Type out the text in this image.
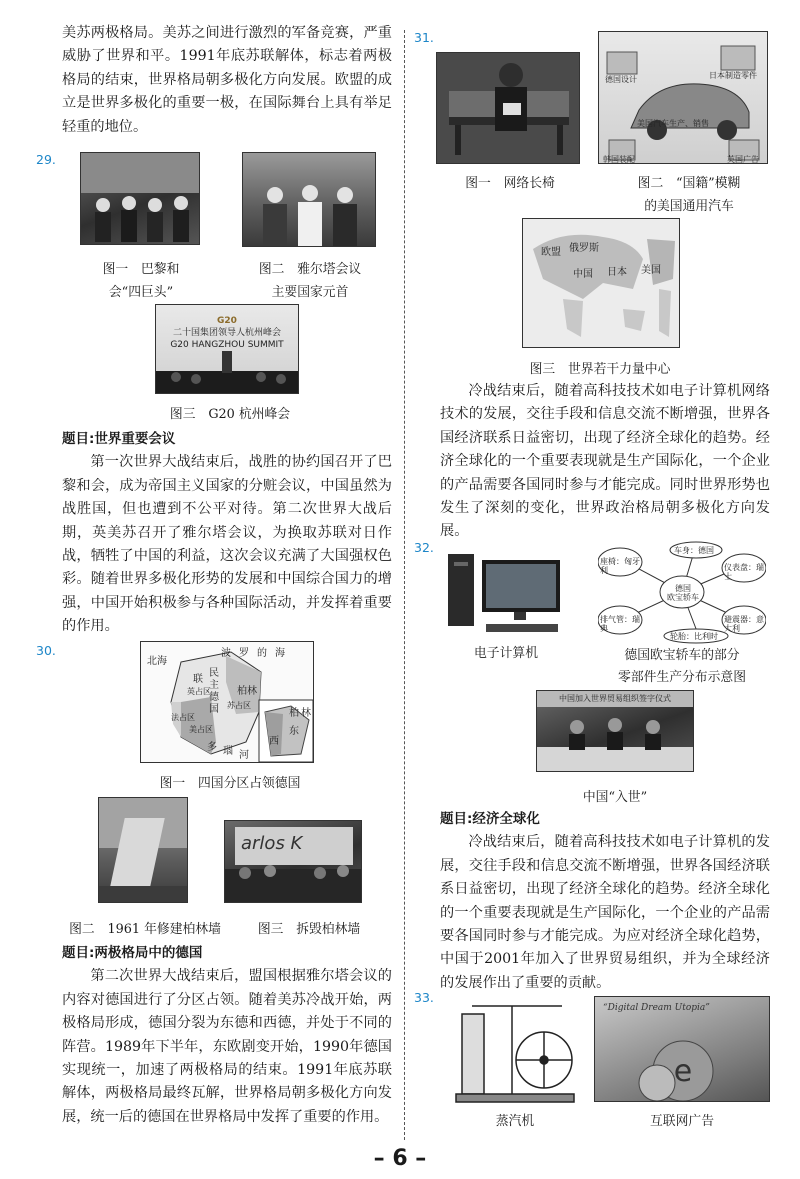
美苏两极格局。美苏之间进行激烈的军备竞赛，严重威胁了世界和平。1991年底苏联解体，标志着两极格局的结束，世界格局朝多极化方向发展。欧盟的成立是世界多极化的重要一极，在国际舞台上具有举足轻重的地位。

29.
图一　巴黎和
会“四巨头”
图二　雅尔塔会议
主要国家元首
G20
二十国集团领导人杭州峰会
G20 HANGZHOU SUMMIT
图三　G20 杭州峰会
题目:世界重要会议

第一次世界大战结束后，战胜的协约国召开了巴黎和会，成为帝国主义国家的分赃会议，中国虽然为战胜国，但也遭到不公平对待。第二次世界大战后期，英美苏召开了雅尔塔会议，为换取苏联对日作战，牺牲了中国的利益，这次会议充满了大国强权色彩。随着世界多极化形势的发展和中国综合国力的增强，中国开始积极参与各种国际活动，并发挥着重要的作用。

30.
北海
波 罗 的 海
联
民
主
柏林
德
国
英占区
苏占区
法占区
美占区
多 瑙 河
东
柏 林
西
图一　四国分区占领德国
arlos K
图二　1961 年修建柏林墙	图三　拆毁柏林墙
题目:两极格局中的德国

第二次世界大战结束后，盟国根据雅尔塔会议的内容对德国进行了分区占领。随着美苏冷战开始，两极格局形成，德国分裂为东德和西德，并处于不同的阵营。1989年下半年，东欧剧变开始，1990年德国实现统一，加速了两极格局的结束。1991年底苏联解体，两极格局最终瓦解，世界格局朝多极化方向发展，统一后的德国在世界格局中发挥了重要的作用。

31.
图一　网络长椅
德国设计	日本制造零件
美国汽车生产、销售
韩国装配	英国广告
图二　“国籍”模糊
的美国通用汽车
欧盟 俄罗斯
中国 日本 美国
图三　世界若干力量中心

冷战结束后，随着高科技技术如电子计算机网络技术的发展，交往手段和信息交流不断增强，世界各国经济联系日益密切，出现了经济全球化的趋势。经济全球化的一个重要表现就是生产国际化，一个企业的产品需要各国同时参与才能完成。同时世界形势也发生了深刻的变化，世界政治格局朝多极化方向发展。

32.
电子计算机
德国
欧宝轿车
车身：德国
座椅：匈牙利	仪表盘：瑞士
排气管：瑞典
避震器：意大利
轮胎：比利时
德国欧宝轿车的部分
零部件生产分布示意图
中国加入世界贸易组织签字仪式
中国“入世”
题目:经济全球化

冷战结束后，随着高科技技术如电子计算机的发展，交往手段和信息交流不断增强，世界各国经济联系日益密切，出现了经济全球化的趋势。经济全球化的一个重要表现就是生产国际化，一个企业的产品需要各国同时参与才能完成。为应对经济全球化趋势，中国于2001年加入了世界贸易组织，并为全球经济的发展作出了重要的贡献。

33.
蒸汽机
“Digital Dream Utopia”
e
互联网广告
– 6 –
